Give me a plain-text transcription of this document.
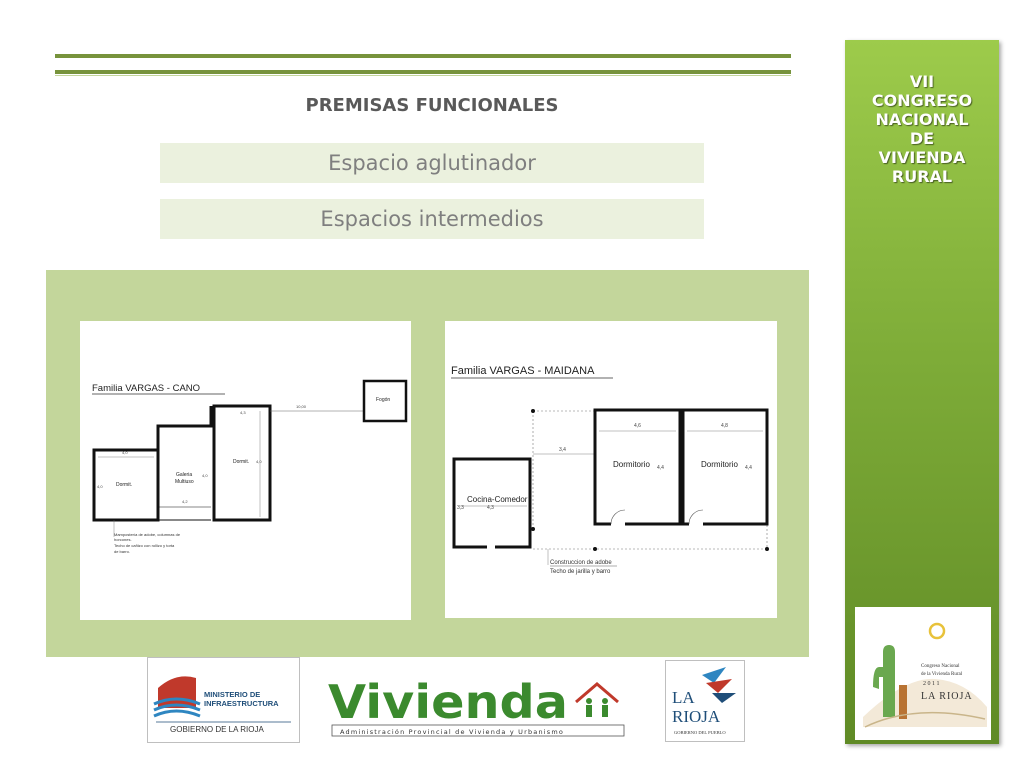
PREMISAS FUNCIONALES
Espacio aglutinador
Espacios intermedios
Familia VARGAS - CANO
Dormit.
4,0
4,0
Galeria
Multiuso
4,2
4,0
Dormit.
4,3
4,0
10,00
Fogón
Mampostería de adobe, columnas de
horcones.
Techo de cañizo con rollizo y torta
de barro.
Familia VARGAS - MAIDANA
Cocina-Comedor
4,3
3,3
3,4
Dormitorio
4,6
4,4	Dormitorio
4,8
4,4
Construccion de adobe
Techo de jarilla y barro
VII
CONGRESO
NACIONAL
DE
VIVIENDA
RURAL
Congreso Nacional
de la Vivienda Rural
2 0 1 1
LA RIOJA
MINISTERIO DE
INFRAESTRUCTURA
GOBIERNO DE LA RIOJA
Vivienda
Administración Provincial de Vivienda y Urbanismo
LA
RIOJA
GOBIERNO DEL PUEBLO
